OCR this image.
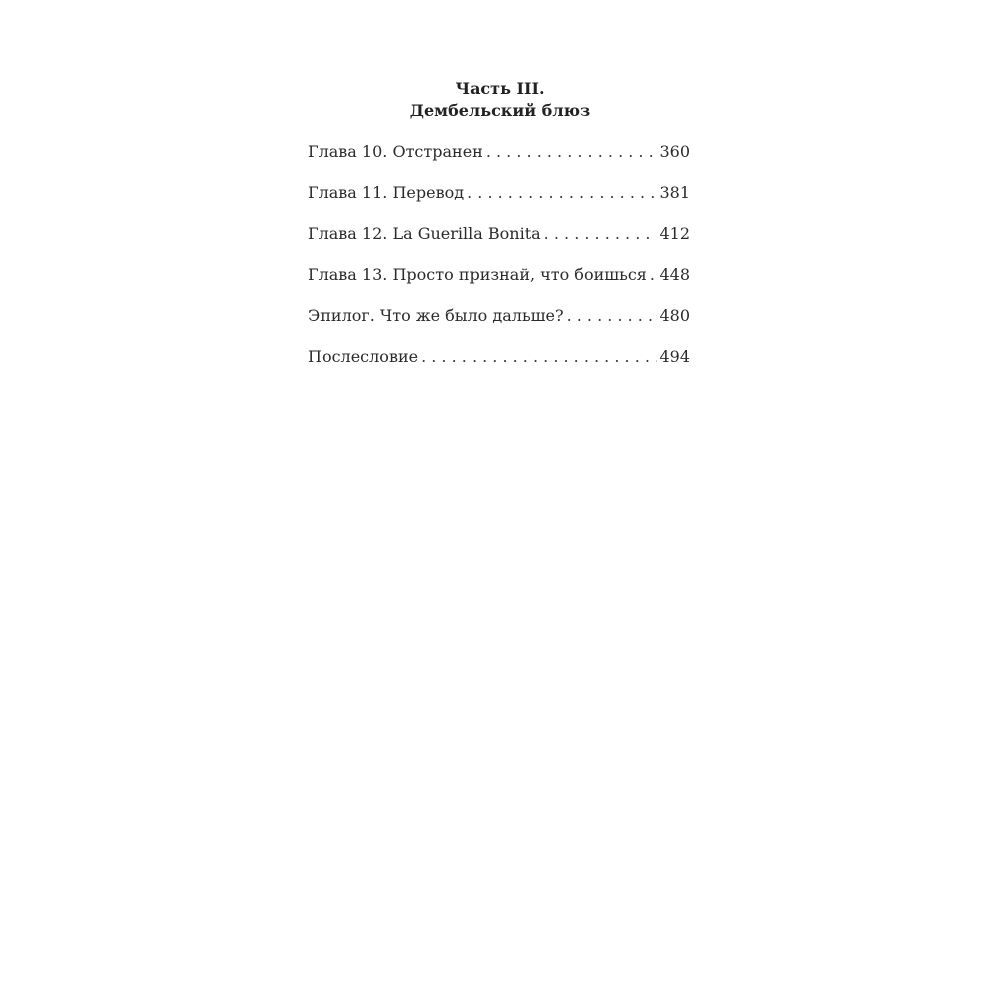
Часть III.
Дембельский блюз
Глава 10. Отстранен . . .	360
Глава 11. Перевод . . .	381
Глава 12. La Guerilla Bonita . . .	412
Глава 13. Просто признай, что боишься . . . 448
Эпилог. Что же было дальше? . . .	480
Послесловие . . .	494
